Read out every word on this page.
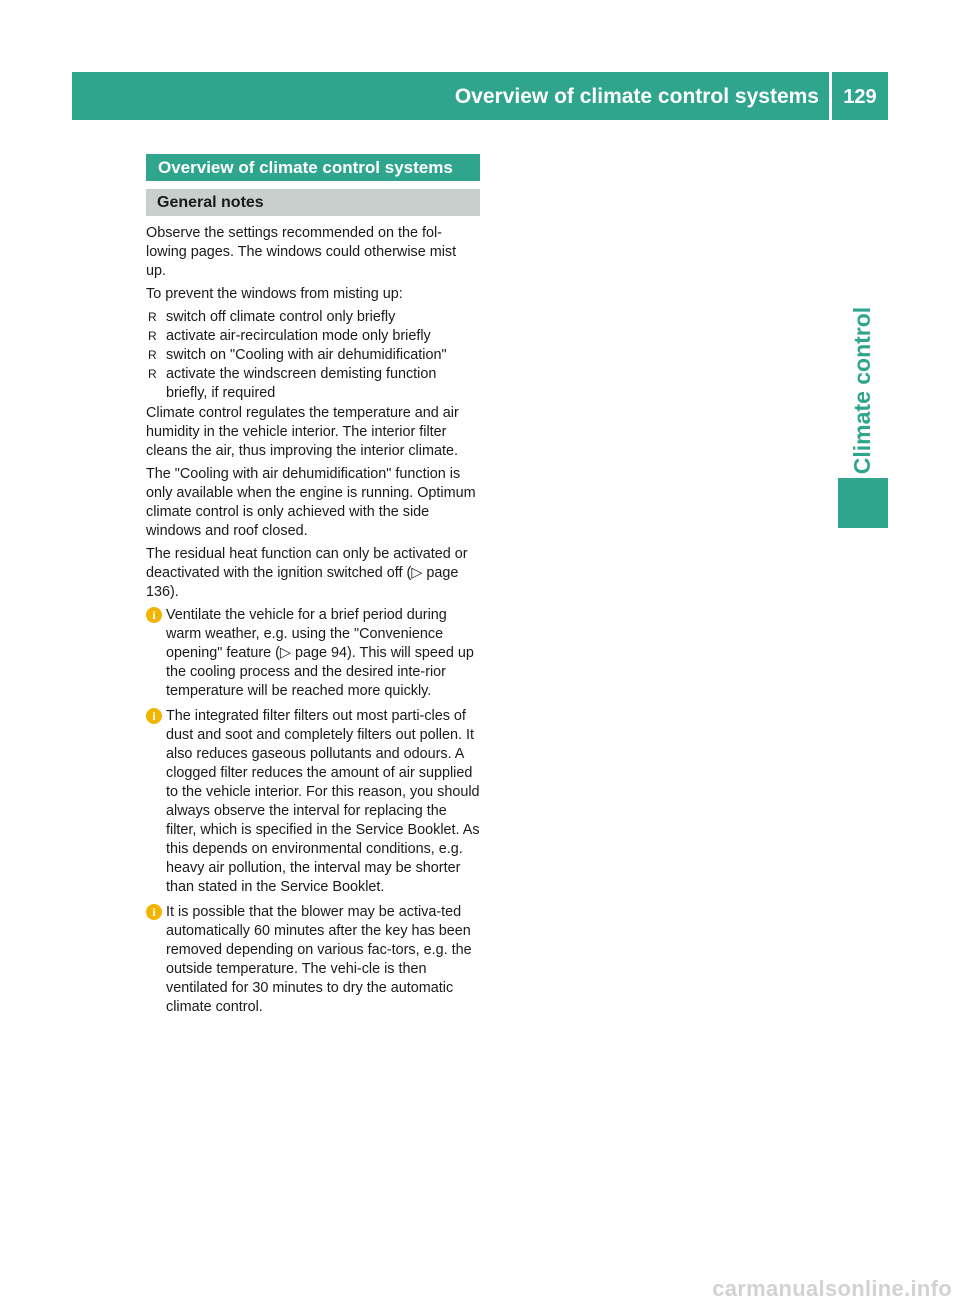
Overview of climate control systems	129
Climate control
Overview of climate control systems
General notes

Observe the settings recommended on the fol-lowing pages. The windows could otherwise mist up.

To prevent the windows from misting up:

R switch off climate control only briefly
R activate air-recirculation mode only briefly
R switch on "Cooling with air dehumidification"
R activate the windscreen demisting function briefly, if required

Climate control regulates the temperature and air humidity in the vehicle interior. The interior filter cleans the air, thus improving the interior climate.

The "Cooling with air dehumidification" function is only available when the engine is running. Optimum climate control is only achieved with the side windows and roof closed.

The residual heat function can only be activated or deactivated with the ignition switched off (▷ page 136).

i Ventilate the vehicle for a brief period during warm weather, e.g. using the "Convenience opening" feature (▷ page 94). This will speed up the cooling process and the desired inte-rior temperature will be reached more quickly.
i The integrated filter filters out most parti-cles of dust and soot and completely filters out pollen. It also reduces gaseous pollutants and odours. A clogged filter reduces the amount of air supplied to the vehicle interior. For this reason, you should always observe the interval for replacing the filter, which is specified in the Service Booklet. As this depends on environmental conditions, e.g. heavy air pollution, the interval may be shorter than stated in the Service Booklet.
i It is possible that the blower may be activa-ted automatically 60 minutes after the key has been removed depending on various fac-tors, e.g. the outside temperature. The vehi-cle is then ventilated for 30 minutes to dry the automatic climate control.
carmanualsonline.info
